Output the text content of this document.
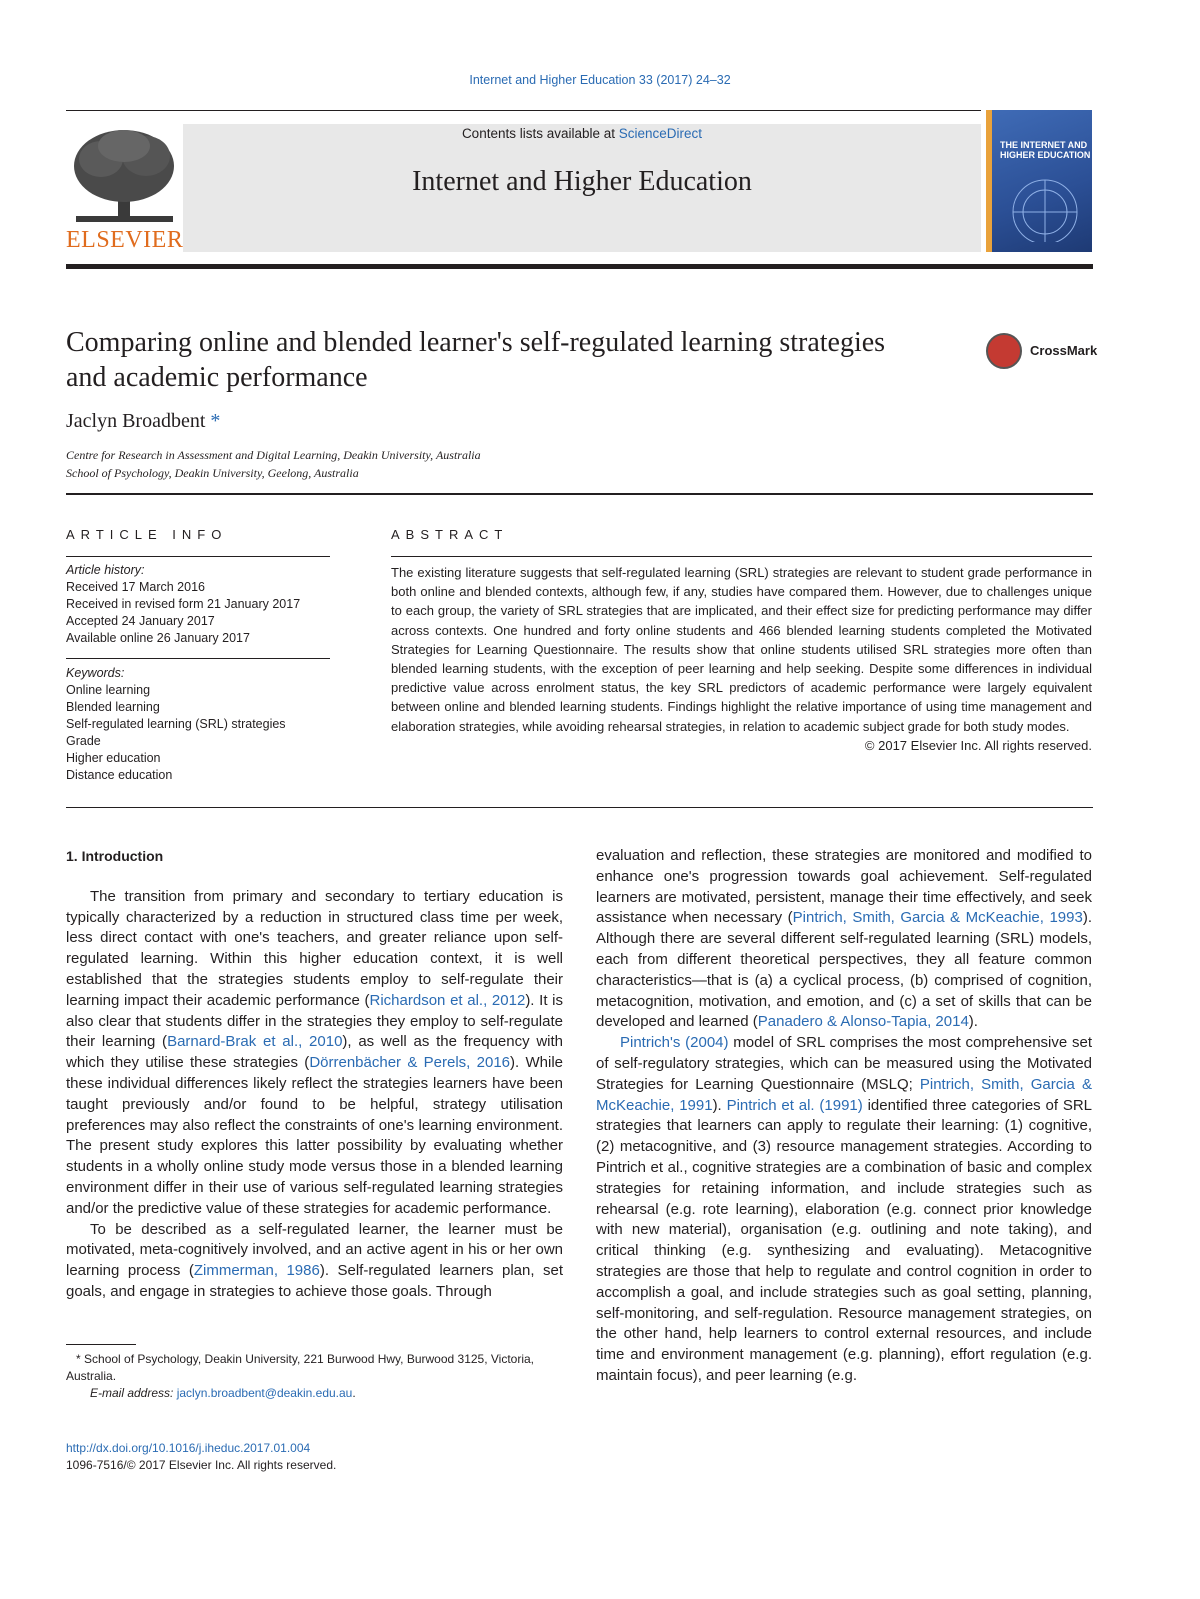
Internet and Higher Education 33 (2017) 24–32
ELSEVIER
Contents lists available at ScienceDirect
Internet and Higher Education
THE INTERNET AND HIGHER EDUCATION
Comparing online and blended learner's self-regulated learning strategies and academic performance
CrossMark
Jaclyn Broadbent *
Centre for Research in Assessment and Digital Learning, Deakin University, Australia
School of Psychology, Deakin University, Geelong, Australia
ARTICLE INFO
Article history:
Received 17 March 2016
Received in revised form 21 January 2017
Accepted 24 January 2017
Available online 26 January 2017
Keywords:
Online learning
Blended learning
Self-regulated learning (SRL) strategies
Grade
Higher education
Distance education
ABSTRACT
The existing literature suggests that self-regulated learning (SRL) strategies are relevant to student grade performance in both online and blended contexts, although few, if any, studies have compared them. However, due to challenges unique to each group, the variety of SRL strategies that are implicated, and their effect size for predicting performance may differ across contexts. One hundred and forty online students and 466 blended learning students completed the Motivated Strategies for Learning Questionnaire. The results show that online students utilised SRL strategies more often than blended learning students, with the exception of peer learning and help seeking. Despite some differences in individual predictive value across enrolment status, the key SRL predictors of academic performance were largely equivalent between online and blended learning students. Findings highlight the relative importance of using time management and elaboration strategies, while avoiding rehearsal strategies, in relation to academic subject grade for both study modes.
© 2017 Elsevier Inc. All rights reserved.
1. Introduction

The transition from primary and secondary to tertiary education is typically characterized by a reduction in structured class time per week, less direct contact with one's teachers, and greater reliance upon self-regulated learning. Within this higher education context, it is well established that the strategies students employ to self-regulate their learning impact their academic performance (Richardson et al., 2012). It is also clear that students differ in the strategies they employ to self-regulate their learning (Barnard-Brak et al., 2010), as well as the frequency with which they utilise these strategies (Dörrenbächer & Perels, 2016). While these individual differences likely reflect the strategies learners have been taught previously and/or found to be helpful, strategy utilisation preferences may also reflect the constraints of one's learning environment. The present study explores this latter possibility by evaluating whether students in a wholly online study mode versus those in a blended learning environment differ in their use of various self-regulated learning strategies and/or the predictive value of these strategies for academic performance.

To be described as a self-regulated learner, the learner must be motivated, meta-cognitively involved, and an active agent in his or her own learning process (Zimmerman, 1986). Self-regulated learners plan, set goals, and engage in strategies to achieve those goals. Through

evaluation and reflection, these strategies are monitored and modified to enhance one's progression towards goal achievement. Self-regulated learners are motivated, persistent, manage their time effectively, and seek assistance when necessary (Pintrich, Smith, Garcia & McKeachie, 1993). Although there are several different self-regulated learning (SRL) models, each from different theoretical perspectives, they all feature common characteristics—that is (a) a cyclical process, (b) comprised of cognition, metacognition, motivation, and emotion, and (c) a set of skills that can be developed and learned (Panadero & Alonso-Tapia, 2014).

Pintrich's (2004) model of SRL comprises the most comprehensive set of self-regulatory strategies, which can be measured using the Motivated Strategies for Learning Questionnaire (MSLQ; Pintrich, Smith, Garcia & McKeachie, 1991). Pintrich et al. (1991) identified three categories of SRL strategies that learners can apply to regulate their learning: (1) cognitive, (2) metacognitive, and (3) resource management strategies. According to Pintrich et al., cognitive strategies are a combination of basic and complex strategies for retaining information, and include strategies such as rehearsal (e.g. rote learning), elaboration (e.g. connect prior knowledge with new material), organisation (e.g. outlining and note taking), and critical thinking (e.g. synthesizing and evaluating). Metacognitive strategies are those that help to regulate and control cognition in order to accomplish a goal, and include strategies such as goal setting, planning, self-monitoring, and self-regulation. Resource management strategies, on the other hand, help learners to control external resources, and include time and environment management (e.g. planning), effort regulation (e.g. maintain focus), and peer learning (e.g.

* School of Psychology, Deakin University, 221 Burwood Hwy, Burwood 3125, Victoria, Australia.
E-mail address: jaclyn.broadbent@deakin.edu.au.
http://dx.doi.org/10.1016/j.iheduc.2017.01.004
1096-7516/© 2017 Elsevier Inc. All rights reserved.
